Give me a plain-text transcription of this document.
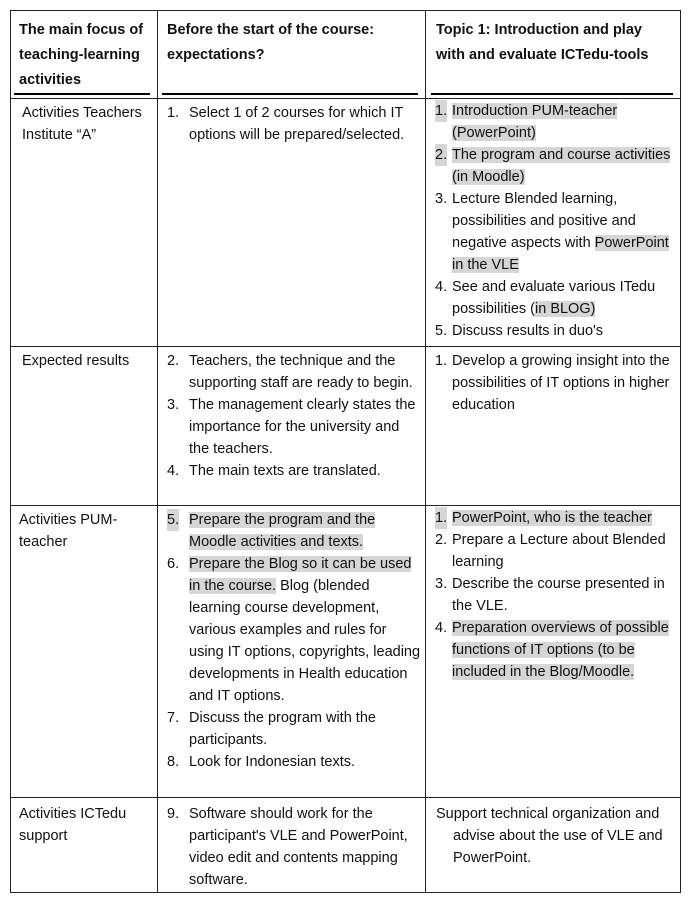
The main focus of teaching-learning activities
Before the start of the course: expectations?
Topic 1: Introduction and play with and evaluate ICTedu-tools
Activities Teachers Institute “A”
1. Select 1 of 2 courses for which IT options will be prepared/selected.
1. Introduction PUM-teacher (PowerPoint)
2. The program and course activities (in Moodle)
3. Lecture Blended learning, possibilities and positive and negative aspects with PowerPoint in the VLE
4. See and evaluate various ITedu possibilities (in BLOG)
5. Discuss results in duo's
Expected results	2. Teachers, the technique and the supporting staff are ready to begin.
3. The management clearly states the importance for the university and the teachers.
4. The main texts are translated.
1. Develop a growing insight into the possibilities of IT options in higher education
Activities PUM-teacher
5. Prepare the program and the Moodle activities and texts.
6. Prepare the Blog so it can be used in the course. Blog (blended learning course development, various examples and rules for using IT options, copyrights, leading developments in Health education and IT options.
7. Discuss the program with the participants.
8. Look for Indonesian texts.
1. PowerPoint, who is the teacher
2. Prepare a Lecture about Blended learning
3. Describe the course presented in the VLE.
4. Preparation overviews of possible functions of IT options (to be included in the Blog/Moodle.
Activities ICTedu support
9. Software should work for the participant's VLE and PowerPoint, video edit and contents mapping software.
Support technical organization and advise about the use of VLE and PowerPoint.
